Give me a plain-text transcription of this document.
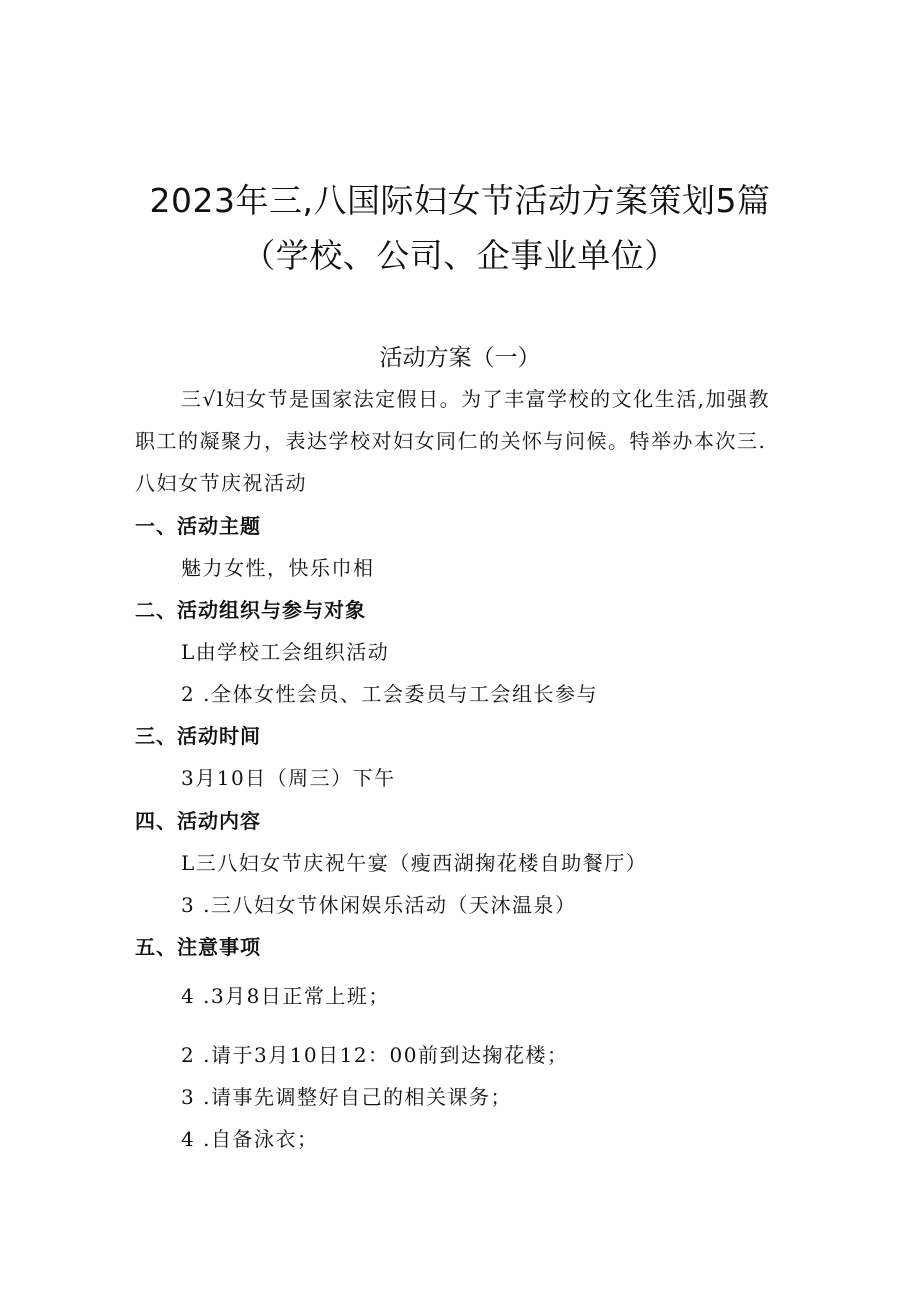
2023年三,八国际妇女节活动方案策划5篇
（学校、公司、企事业单位）
活动方案（一）

三√l妇女节是国家法定假日。为了丰富学校的文化生活,加强教职工的凝聚力，表达学校对妇女同仁的关怀与问候。特举办本次三.八妇女节庆祝活动

一、活动主题
魅力女性，快乐巾相
二、活动组织与参与对象
L由学校工会组织活动
2 .全体女性会员、工会委员与工会组长参与
三、活动时间
3月10日（周三）下午
四、活动内容
L三八妇女节庆祝午宴（瘦西湖掬花楼自助餐厅）
3 .三八妇女节休闲娱乐活动（天沐温泉）
五、注意事项
4 .3月8日正常上班；
2 .请于3月10日12：00前到达掬花楼；
3 .请事先调整好自己的相关课务；
4 .自备泳衣；
